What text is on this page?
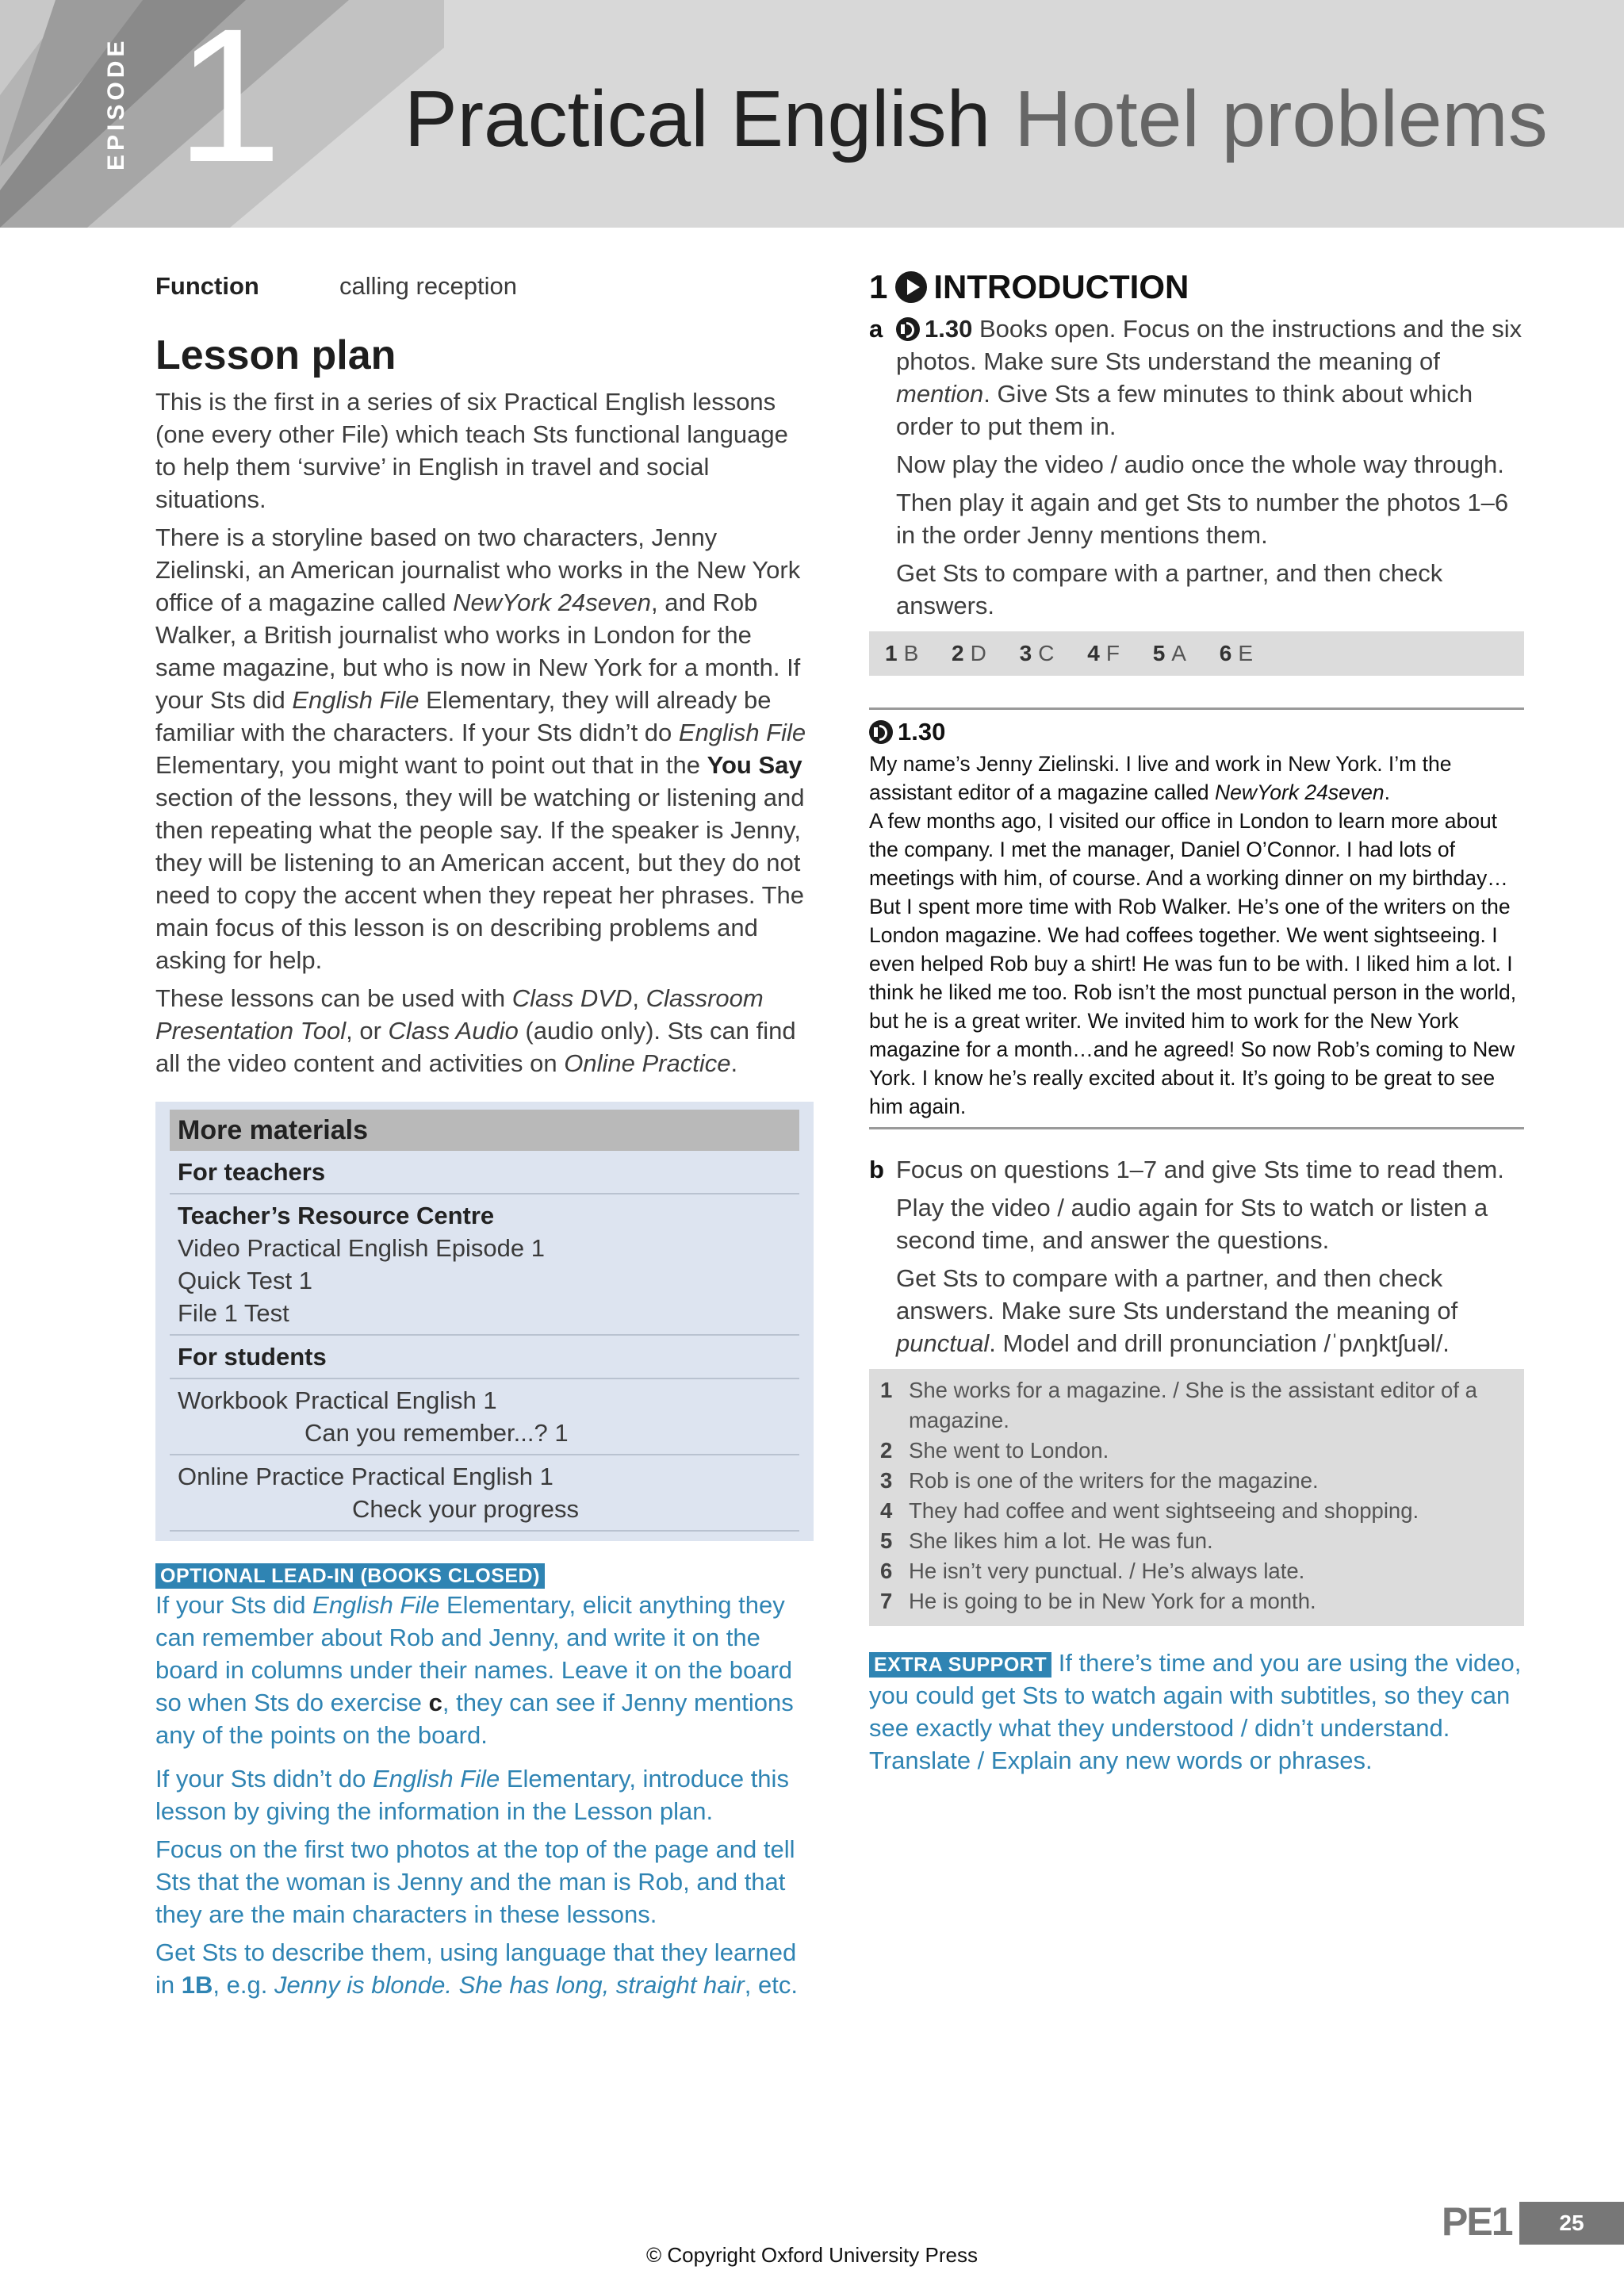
EPISODE 1 Practical English Hotel problems
Function	calling reception
Lesson plan

This is the first in a series of six Practical English lessons (one every other File) which teach Sts functional language to help them ‘survive’ in English in travel and social situations.

There is a storyline based on two characters, Jenny Zielinski, an American journalist who works in the New York office of a magazine called NewYork 24seven, and Rob Walker, a British journalist who works in London for the same magazine, but who is now in New York for a month. If your Sts did English File Elementary, they will already be familiar with the characters. If your Sts didn’t do English File Elementary, you might want to point out that in the You Say section of the lessons, they will be watching or listening and then repeating what the people say. If the speaker is Jenny, they will be listening to an American accent, but they do not need to copy the accent when they repeat her phrases. The main focus of this lesson is on describing problems and asking for help.

These lessons can be used with Class DVD, Classroom Presentation Tool, or Class Audio (audio only). Sts can find all the video content and activities on Online Practice.

More materials
For teachers
Teacher’s Resource Centre
Video Practical English Episode 1
Quick Test 1
File 1 Test
For students
Workbook Practical English 1
Can you remember...? 1
Online Practice Practical English 1
Check your progress
OPTIONAL LEAD-IN (BOOKS CLOSED)

If your Sts did English File Elementary, elicit anything they can remember about Rob and Jenny, and write it on the board in columns under their names. Leave it on the board so when Sts do exercise c, they can see if Jenny mentions any of the points on the board.

If your Sts didn’t do English File Elementary, introduce this lesson by giving the information in the Lesson plan.

Focus on the first two photos at the top of the page and tell Sts that the woman is Jenny and the man is Rob, and that they are the main characters in these lessons.

Get Sts to describe them, using language that they learned in 1B, e.g. Jenny is blonde. She has long, straight hair, etc.

1 INTRODUCTION
a	1.30 Books open. Focus on the instructions and the six photos. Make sure Sts understand the meaning of mention. Give Sts a few minutes to think about which order to put them in.

Now play the video / audio once the whole way through.

Then play it again and get Sts to number the photos 1–6 in the order Jenny mentions them.

Get Sts to compare with a partner, and then check answers.

1 B 2 D 3 C 4 F 5 A 6 E
1.30
My name’s Jenny Zielinski. I live and work in New York. I’m the assistant editor of a magazine called NewYork 24seven.
A few months ago, I visited our office in London to learn more about the company. I met the manager, Daniel O’Connor. I had lots of meetings with him, of course. And a working dinner on my birthday… But I spent more time with Rob Walker. He’s one of the writers on the London magazine. We had coffees together. We went sightseeing. I even helped Rob buy a shirt! He was fun to be with. I liked him a lot. I think he liked me too. Rob isn’t the most punctual person in the world, but he is a great writer. We invited him to work for the New York magazine for a month…and he agreed! So now Rob’s coming to New York. I know he’s really excited about it. It’s going to be great to see him again.
b Focus on questions 1–7 and give Sts time to read them.

Play the video / audio again for Sts to watch or listen a second time, and answer the questions.

Get Sts to compare with a partner, and then check answers. Make sure Sts understand the meaning of punctual. Model and drill pronunciation /ˈpʌŋktʃuəl/.

1 She works for a magazine. / She is the assistant editor of a magazine.
2 She went to London.
3 Rob is one of the writers for the magazine.
4 They had coffee and went sightseeing and shopping.
5 She likes him a lot. He was fun.
6 He isn’t very punctual. / He’s always late.
7 He is going to be in New York for a month.

EXTRA SUPPORT If there’s time and you are using the video, you could get Sts to watch again with subtitles, so they can see exactly what they understood / didn’t understand. Translate / Explain any new words or phrases.

PE1	25
© Copyright Oxford University Press
